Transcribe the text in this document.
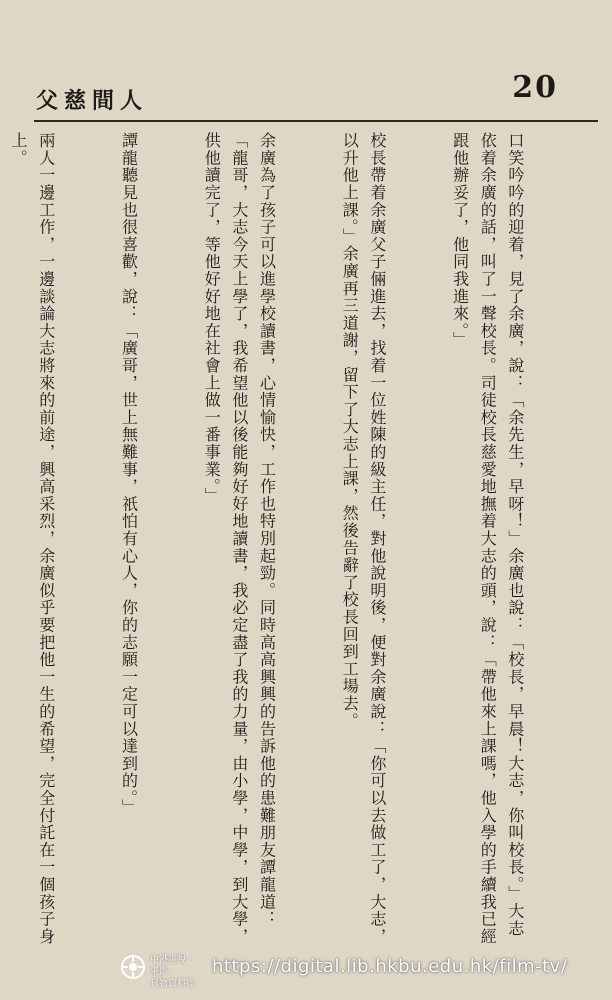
父慈間人	20

口笑吟吟的迎着，見了余廣，說：「余先生，早呀！」余廣也說：「校長，早晨！大志，你叫校長。」大志依着余廣的話，叫了一聲校長。司徒校長慈愛地撫着大志的頭，說：「帶他來上課嗎，他入學的手續我已經跟他辦妥了，他同我進來。」

校長帶着余廣父子倆進去，找着一位姓陳的級主任，對他說明後，便對余廣說：「你可以去做工了，大志，以升他上課。」余廣再三道謝，留下了大志上課，然後告辭了校長回到工場去。

余廣為了孩子可以進學校讀書，心情愉快，工作也特別起勁。同時高高興興的告訴他的患難朋友譚龍道：「龍哥，大志今天上學了，我希望他以後能夠好好地讀書，我必定盡了我的力量，由小學，中學，到大學，供他讀完了，等他好好地在社會上做一番事業。」

譚龍聽見也很喜歡，說：「廣哥，世上無難事，祇怕有心人，你的志願一定可以達到的。」

兩人一邊工作，一邊談論大志將來的前途，興高采烈，余廣似乎要把他一生的希望，完全付託在一個孩子身上。

中港電視 · 電影
刊物資料庫
https://digital.lib.hkbu.edu.hk/film-tv/
